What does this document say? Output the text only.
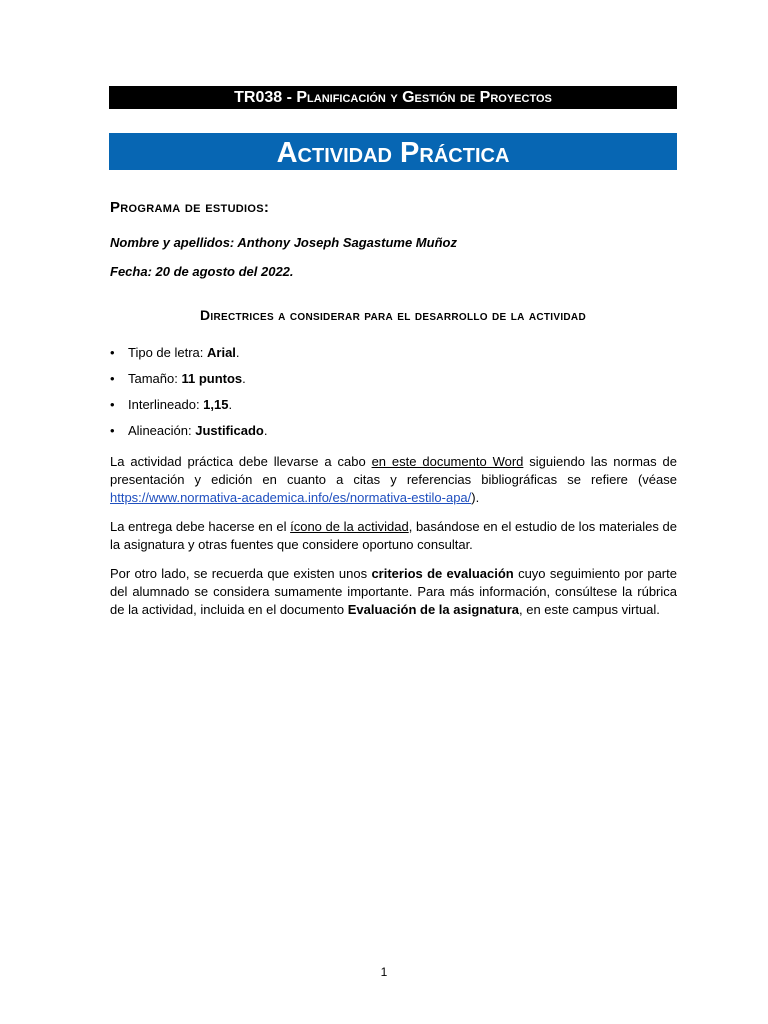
TR038 - Planificación y Gestión de Proyectos
Actividad Práctica
Programa de estudios:
Nombre y apellidos: Anthony Joseph Sagastume Muñoz
Fecha: 20 de agosto del 2022.
Directrices a considerar para el desarrollo de la actividad
• Tipo de letra: Arial.
• Tamaño: 11 puntos.
• Interlineado: 1,15.
• Alineación: Justificado.

La actividad práctica debe llevarse a cabo en este documento Word siguiendo las normas de presentación y edición en cuanto a citas y referencias bibliográficas se refiere (véase https://www.normativa-academica.info/es/normativa-estilo-apa/).

La entrega debe hacerse en el ícono de la actividad, basándose en el estudio de los materiales de la asignatura y otras fuentes que considere oportuno consultar.

Por otro lado, se recuerda que existen unos criterios de evaluación cuyo seguimiento por parte del alumnado se considera sumamente importante. Para más información, consúltese la rúbrica de la actividad, incluida en el documento Evaluación de la asignatura, en este campus virtual.

1
